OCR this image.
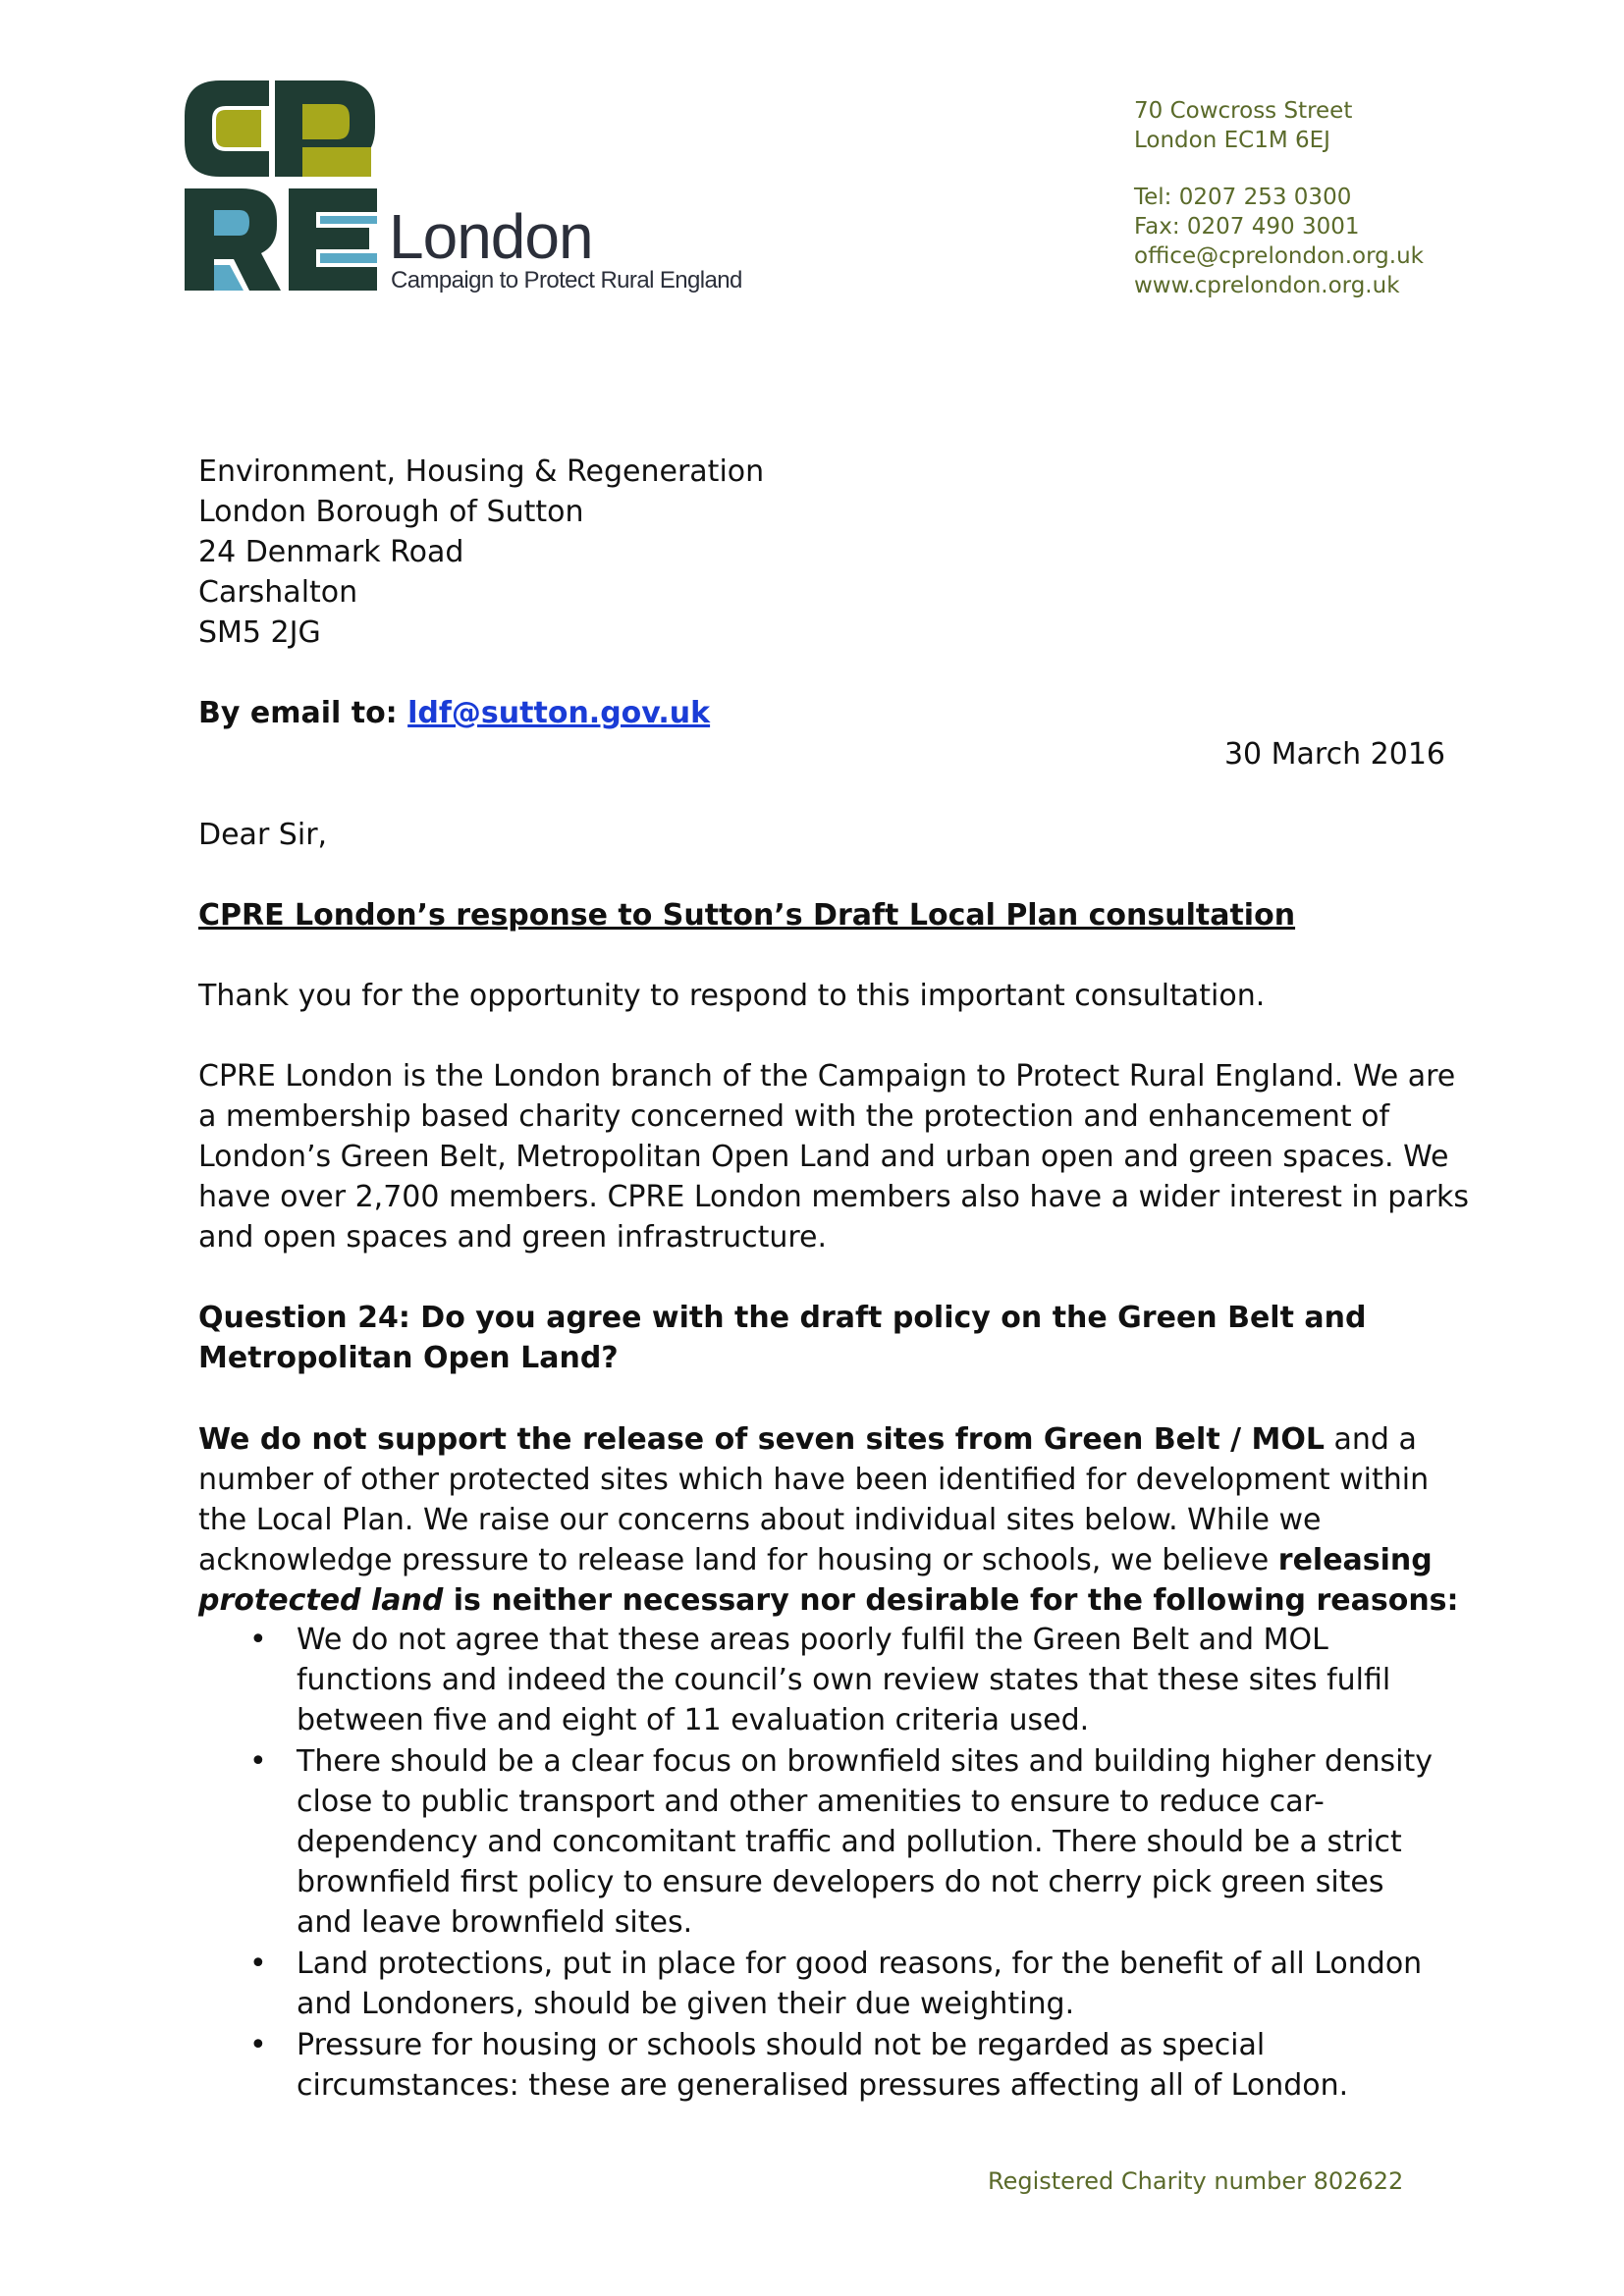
London
Campaign to Protect Rural England
70 Cowcross Street
London EC1M 6EJ
Tel: 0207 253 0300
Fax: 0207 490 3001
office@cprelondon.org.uk
www.cprelondon.org.uk
Environment, Housing & Regeneration
London Borough of Sutton
24 Denmark Road
Carshalton
SM5 2JG
By email to: ldf@sutton.gov.uk
30 March 2016
Dear Sir,
CPRE London’s response to Sutton’s Draft Local Plan consultation
Thank you for the opportunity to respond to this important consultation.
CPRE London is the London branch of the Campaign to Protect Rural England. We are a membership based charity concerned with the protection and enhancement of London’s Green Belt, Metropolitan Open Land and urban open and green spaces. We have over 2,700 members. CPRE London members also have a wider interest in parks and open spaces and green infrastructure.
Question 24: Do you agree with the draft policy on the Green Belt and Metropolitan Open Land?
We do not support the release of seven sites from Green Belt / MOL and a number of other protected sites which have been identified for development within the Local Plan. We raise our concerns about individual sites below. While we acknowledge pressure to release land for housing or schools, we believe releasing protected land is neither necessary nor desirable for the following reasons:
• We do not agree that these areas poorly fulfil the Green Belt and MOL functions and indeed the council’s own review states that these sites fulfil between five and eight of 11 evaluation criteria used.
• There should be a clear focus on brownfield sites and building higher density close to public transport and other amenities to ensure to reduce car-dependency and concomitant traffic and pollution. There should be a strict brownfield first policy to ensure developers do not cherry pick green sites and leave brownfield sites.
• Land protections, put in place for good reasons, for the benefit of all London and Londoners, should be given their due weighting.
• Pressure for housing or schools should not be regarded as special circumstances: these are generalised pressures affecting all of London.
Registered Charity number 802622
